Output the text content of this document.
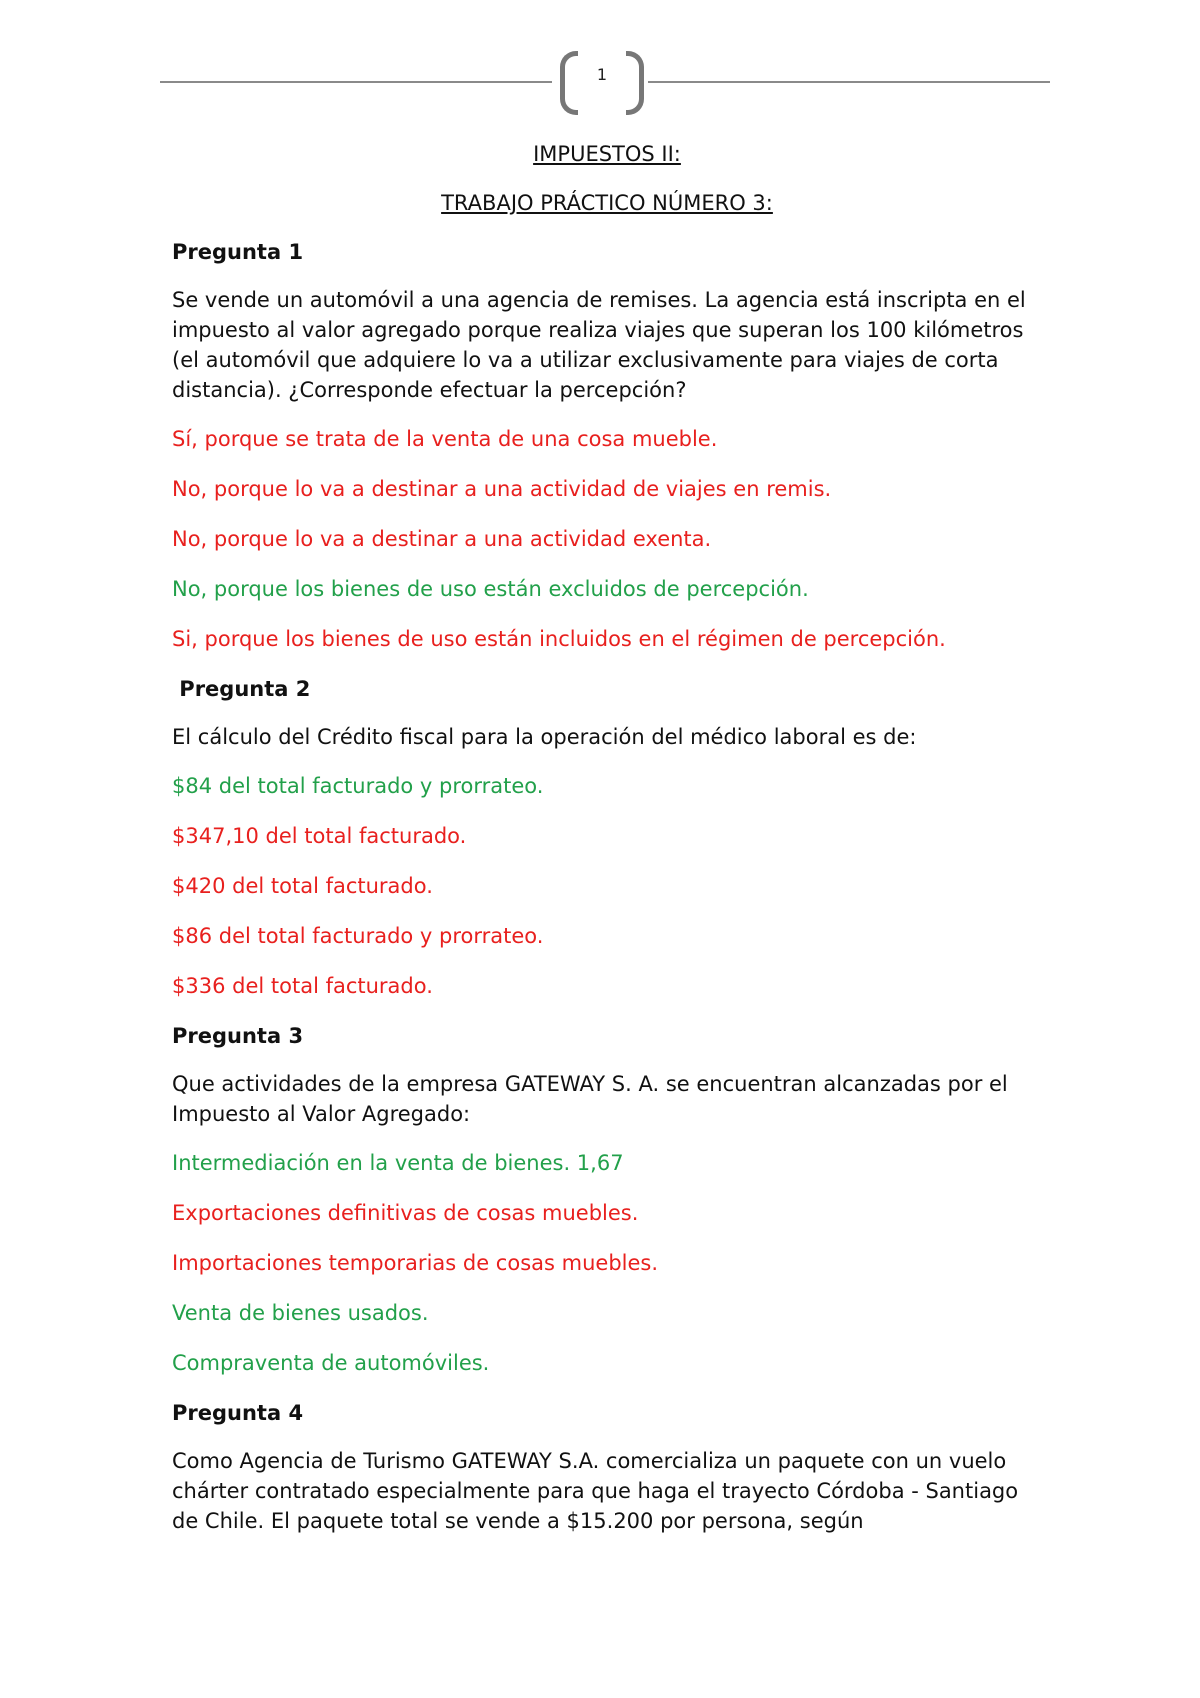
1
IMPUESTOS II:
TRABAJO PRÁCTICO NÚMERO 3:
Pregunta 1
Se vende un automóvil a una agencia de remises. La agencia está inscripta en el impuesto al valor agregado porque realiza viajes que superan los 100 kilómetros (el automóvil que adquiere lo va a utilizar exclusivamente para viajes de corta distancia). ¿Corresponde efectuar la percepción?
Sí, porque se trata de la venta de una cosa mueble.
No, porque lo va a destinar a una actividad de viajes en remis.
No, porque lo va a destinar a una actividad exenta.
No, porque los bienes de uso están excluidos de percepción.
Si, porque los bienes de uso están incluidos en el régimen de percepción.
Pregunta 2
El cálculo del Crédito fiscal para la operación del médico laboral es de:
$84 del total facturado y prorrateo.
$347,10 del total facturado.
$420 del total facturado.
$86 del total facturado y prorrateo.
$336 del total facturado.
Pregunta 3
Que actividades de la empresa GATEWAY S. A. se encuentran alcanzadas por el Impuesto al Valor Agregado:
Intermediación en la venta de bienes. 1,67
Exportaciones definitivas de cosas muebles.
Importaciones temporarias de cosas muebles.
Venta de bienes usados.
Compraventa de automóviles.
Pregunta 4
Como Agencia de Turismo GATEWAY S.A. comercializa un paquete con un vuelo chárter contratado especialmente para que haga el trayecto Córdoba - Santiago de Chile. El paquete total se vende a $15.200 por persona, según
